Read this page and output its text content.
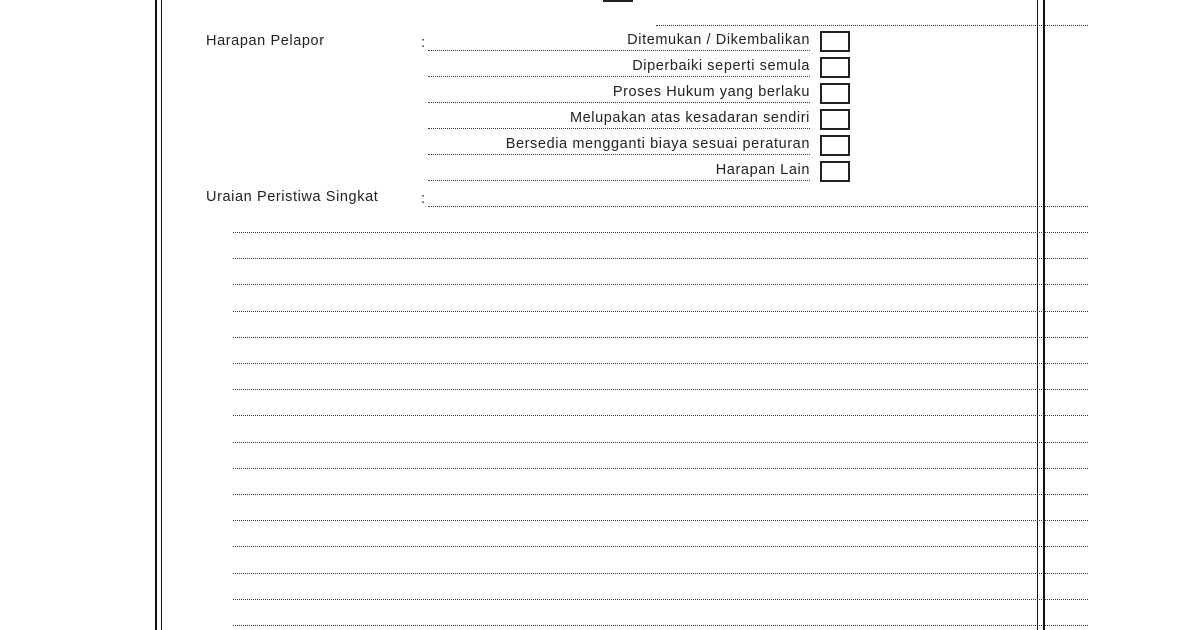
Harapan Pelapor	:	Ditemukan / Dikembalikan
Diperbaiki seperti semula
Proses Hukum yang berlaku
Melupakan atas kesadaran sendiri
Bersedia mengganti biaya sesuai peraturan
Harapan Lain
Uraian Peristiwa Singkat	:
